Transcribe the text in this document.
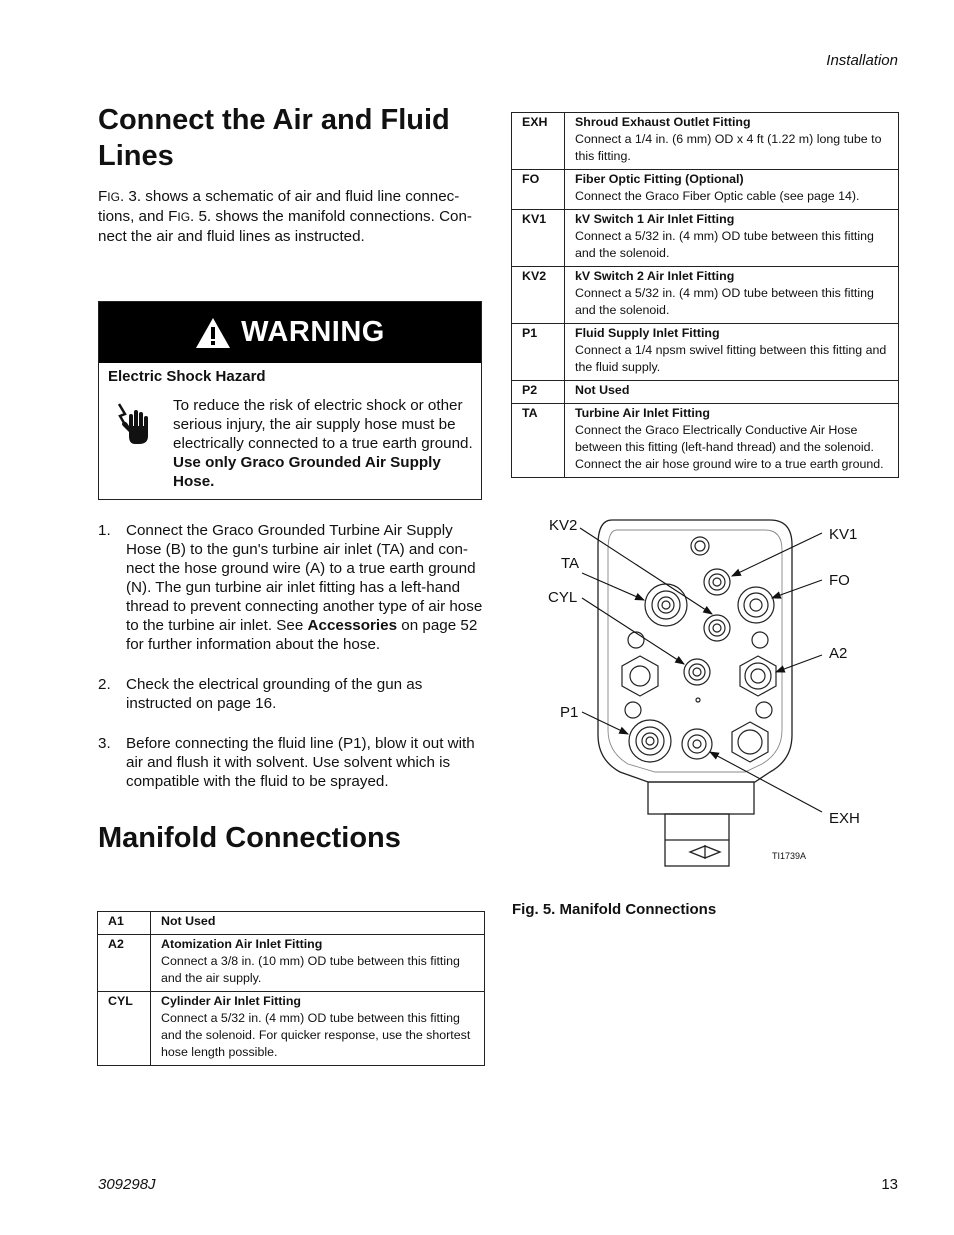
Installation
Connect the Air and Fluid Lines
FIG. 3. shows a schematic of air and fluid line connec-tions, and FIG. 5. shows the manifold connections. Con-nect the air and fluid lines as instructed.
WARNING
Electric Shock Hazard
To reduce the risk of electric shock or other serious injury, the air supply hose must be electrically connected to a true earth ground. Use only Graco Grounded Air Supply Hose.
1. Connect the Graco Grounded Turbine Air Supply Hose (B) to the gun's turbine air inlet (TA) and con-nect the hose ground wire (A) to a true earth ground (N). The gun turbine air inlet fitting has a left-hand thread to prevent connecting another type of air hose to the turbine air inlet. See Accessories on page 52 for further information about the hose.
2. Check the electrical grounding of the gun as instructed on page 16.
3. Before connecting the fluid line (P1), blow it out with air and flush it with solvent. Use solvent which is compatible with the fluid to be sprayed.
Manifold Connections
A1	Not Used

A2	Atomization Air Inlet Fitting
Connect a 3/8 in. (10 mm) OD tube between this fitting and the air supply.
CYL	Cylinder Air Inlet Fitting
Connect a 5/32 in. (4 mm) OD tube between this fitting and the solenoid. For quicker response, use the shortest hose length possible.
EXH	Shroud Exhaust Outlet Fitting
Connect a 1/4 in. (6 mm) OD x 4 ft (1.22 m) long tube to this fitting.
FO	Fiber Optic Fitting (Optional)
Connect the Graco Fiber Optic cable (see page 14).
KV1	kV Switch 1 Air Inlet Fitting
Connect a 5/32 in. (4 mm) OD tube between this fitting and the solenoid.
KV2	kV Switch 2 Air Inlet Fitting
Connect a 5/32 in. (4 mm) OD tube between this fitting and the solenoid.
P1	Fluid Supply Inlet Fitting
Connect a 1/4 npsm swivel fitting between this fitting and the fluid supply.
P2	Not Used

TA	Turbine Air Inlet Fitting
Connect the Graco Electrically Conductive Air Hose between this fitting (left-hand thread) and the solenoid. Connect the air hose ground wire to a true earth ground.
KV2
TA
CYL
P1
KV1
FO
A2
EXH
TI1739A
Fig. 5. Manifold Connections
309298J	13
